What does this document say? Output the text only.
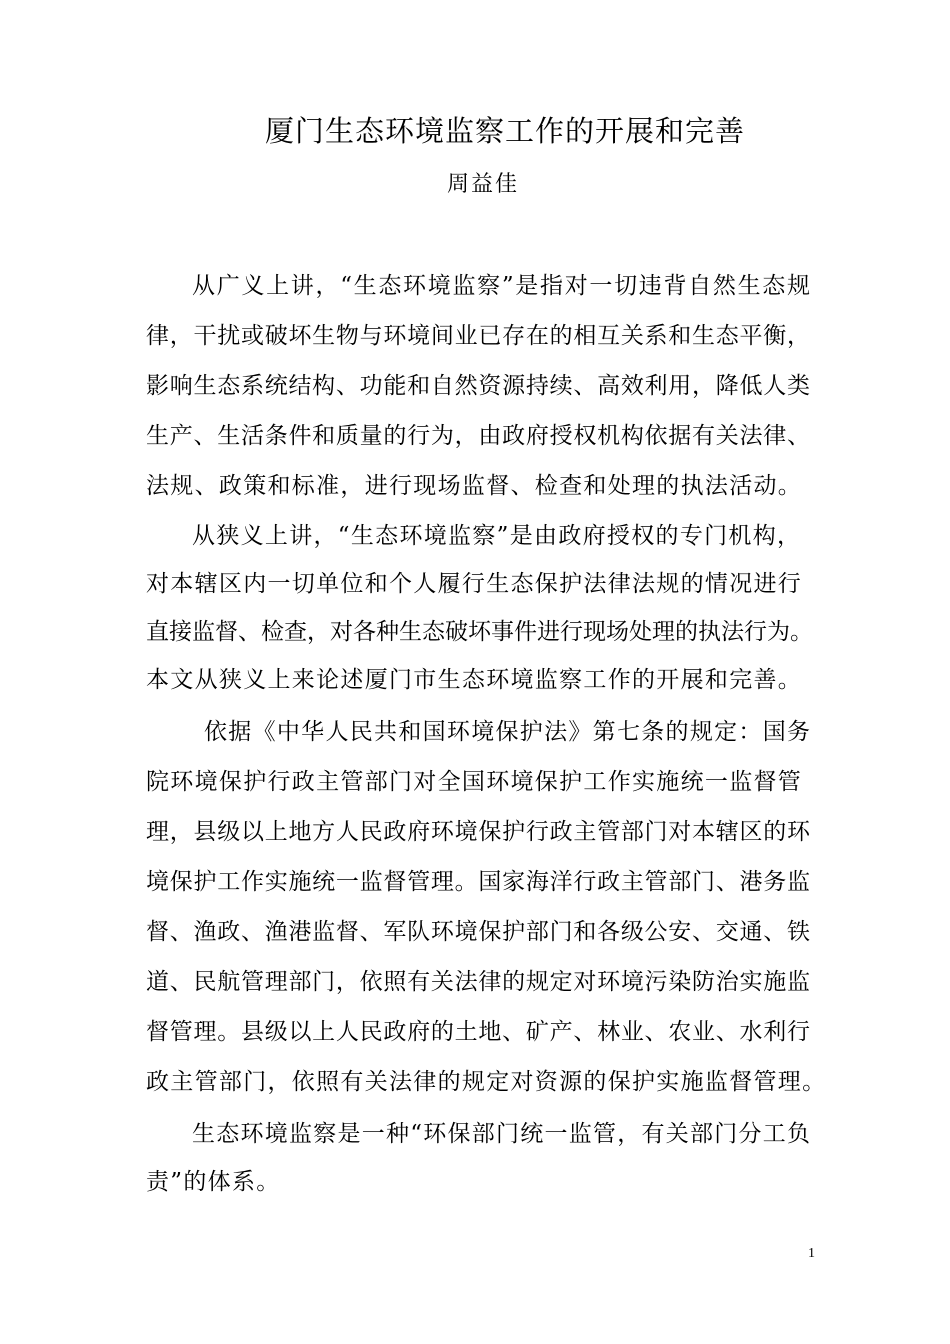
厦门生态环境监察工作的开展和完善
周益佳
从广义上讲，“生态环境监察”是指对一切违背自然生态规
律，干扰或破坏生物与环境间业已存在的相互关系和生态平衡，
影响生态系统结构、功能和自然资源持续、高效利用，降低人类
生产、生活条件和质量的行为，由政府授权机构依据有关法律、
法规、政策和标准，进行现场监督、检查和处理的执法活动。
从狭义上讲，“生态环境监察”是由政府授权的专门机构，
对本辖区内一切单位和个人履行生态保护法律法规的情况进行
直接监督、检查，对各种生态破坏事件进行现场处理的执法行为。
本文从狭义上来论述厦门市生态环境监察工作的开展和完善。
依据《中华人民共和国环境保护法》第七条的规定：国务
院环境保护行政主管部门对全国环境保护工作实施统一监督管
理，县级以上地方人民政府环境保护行政主管部门对本辖区的环
境保护工作实施统一监督管理。国家海洋行政主管部门、港务监
督、渔政、渔港监督、军队环境保护部门和各级公安、交通、铁
道、民航管理部门，依照有关法律的规定对环境污染防治实施监
督管理。县级以上人民政府的土地、矿产、林业、农业、水利行
政主管部门，依照有关法律的规定对资源的保护实施监督管理。
生态环境监察是一种“环保部门统一监管，有关部门分工负
责”的体系。
1
